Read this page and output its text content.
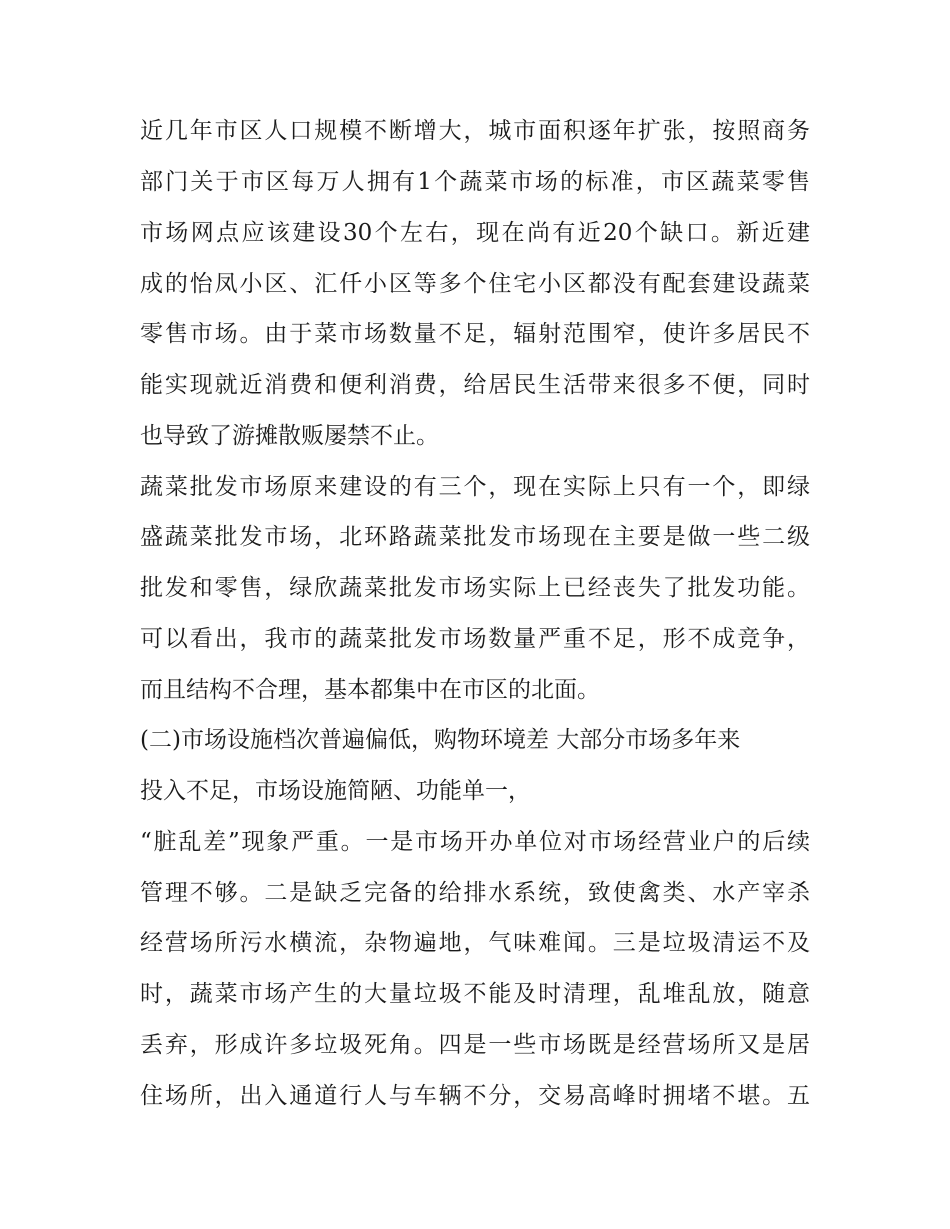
近几年市区人口规模不断增大，城市面积逐年扩张，按照商务
部门关于市区每万人拥有1个蔬菜市场的标准，市区蔬菜零售
市场网点应该建设30个左右，现在尚有近20个缺口。新近建
成的怡凤小区、汇仟小区等多个住宅小区都没有配套建设蔬菜
零售市场。由于菜市场数量不足，辐射范围窄，使许多居民不
能实现就近消费和便利消费，给居民生活带来很多不便，同时
也导致了游摊散贩屡禁不止。
蔬菜批发市场原来建设的有三个，现在实际上只有一个，即绿
盛蔬菜批发市场，北环路蔬菜批发市场现在主要是做一些二级
批发和零售，绿欣蔬菜批发市场实际上已经丧失了批发功能。
可以看出，我市的蔬菜批发市场数量严重不足，形不成竞争，
而且结构不合理，基本都集中在市区的北面。
(二)市场设施档次普遍偏低，购物环境差 大部分市场多年来
投入不足，市场设施简陋、功能单一，
“脏乱差”现象严重。一是市场开办单位对市场经营业户的后续
管理不够。二是缺乏完备的给排水系统，致使禽类、水产宰杀
经营场所污水横流，杂物遍地，气味难闻。三是垃圾清运不及
时，蔬菜市场产生的大量垃圾不能及时清理，乱堆乱放，随意
丢弃，形成许多垃圾死角。四是一些市场既是经营场所又是居
住场所，出入通道行人与车辆不分，交易高峰时拥堵不堪。五
